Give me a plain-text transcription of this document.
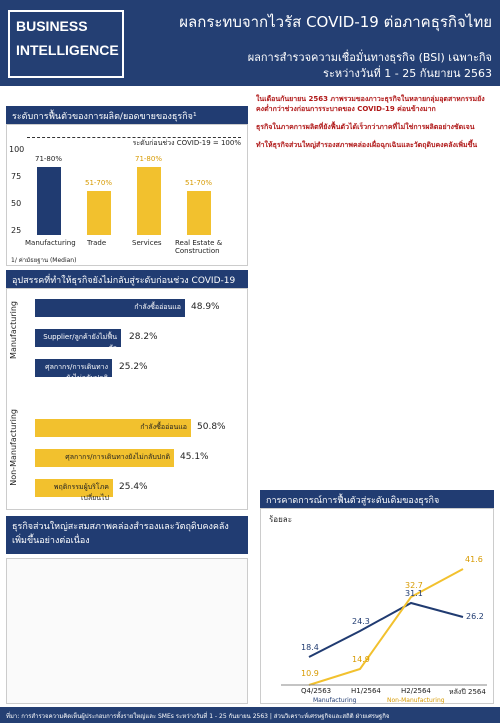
BUSINESS
INTELLIGENCE
ผลกระทบจากไวรัส COVID-19 ต่อภาคธุรกิจไทย
ผลการสำรวจความเชื่อมั่นทางธุรกิจ (BSI) เฉพาะกิจ
ระหว่างวันที่ 1 - 25 กันยายน 2563
ระดับการฟื้นตัวของการผลิต/ยอดขายของธุรกิจ¹
ระดับก่อนช่วง COVID-19 = 100%
100
75
50
25
71-80%
51-70%
71-80%
51-70%
Manufacturing Trade	Services Real Estate & Construction
1/ ค่ามัธยฐาน (Median)
อุปสรรคที่ทำให้ธุรกิจยังไม่กลับสู่ระดับก่อนช่วง COVID-19
Manufacturing
Non-Manufacturing
กำลังซื้ออ่อนแอ	48.9%
Supplier/ลูกค้ายังไม่ฟื้นตัว
28.2%
ศุลกากร/การเดินทางยังไม่กลับปกติ
25.2%
กำลังซื้ออ่อนแอ	50.8%
ศุลกากร/การเดินทางยังไม่กลับปกติ	45.1%
พฤติกรรมผู้บริโภคเปลี่ยนไป
25.4%
ธุรกิจส่วนใหญ่สะสมสภาพคล่องสำรองและวัตถุดิบคงคลังเพิ่มขึ้นอย่างต่อเนื่อง
ในเดือนกันยายน 2563 ภาพรวมของภาวะธุรกิจในหลายกลุ่มอุตสาหกรรมยังคงต่ำกว่าช่วงก่อนการระบาดของ COVID-19 ค่อนข้างมาก
ธุรกิจในภาคการผลิตที่ยังฟื้นตัวได้เร็วกว่าภาคที่ไม่ใช่การผลิตอย่างชัดเจน
ทำให้ธุรกิจส่วนใหญ่สำรองสภาพคล่องเผื่อฉุกเฉินและวัตถุดิบคงคลังเพิ่มขึ้น
การคาดการณ์การฟื้นตัวสู่ระดับเดิมของธุรกิจ
ร้อยละ
Q4/2563	H1/2564	H2/2564	หลังปี 2564
18.4
24.3
31.1
26.2
10.9
14.9
32.7
41.6
Manufacturing	Non-Manufacturing
ที่มา: การสำรวจความคิดเห็นผู้ประกอบการทั้งรายใหญ่และ SMEs ระหว่างวันที่ 1 - 25 กันยายน 2563 | ส่วนวิเคราะห์เศรษฐกิจและสถิติ ฝ่ายเศรษฐกิจ
